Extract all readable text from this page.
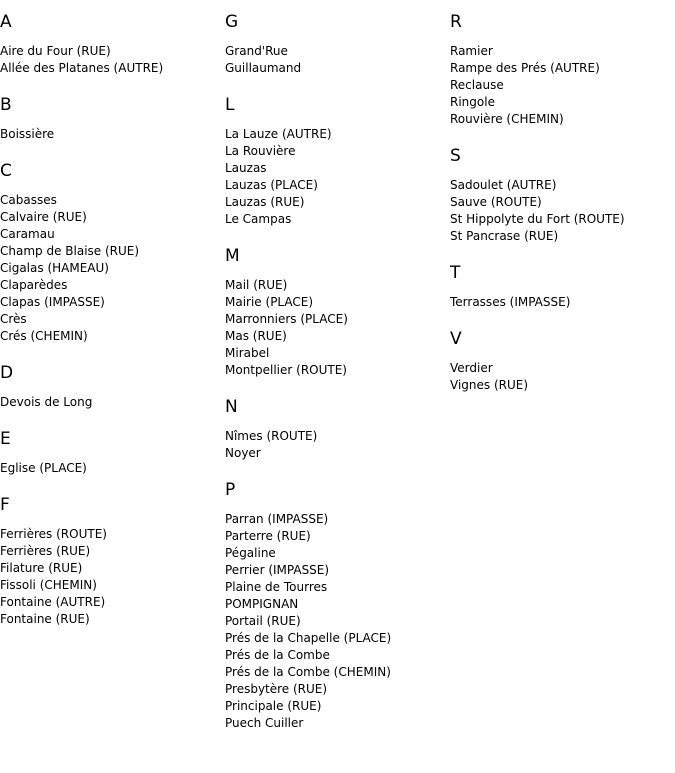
A
Aire du Four (RUE)
Allée des Platanes (AUTRE)
B
Boissière
C
Cabasses
Calvaire (RUE)
Caramau
Champ de Blaise (RUE)
Cigalas (HAMEAU)
Claparèdes
Clapas (IMPASSE)
Crès
Crés (CHEMIN)
D
Devois de Long
E
Eglise (PLACE)
F
Ferrières (ROUTE)
Ferrières (RUE)
Filature (RUE)
Fissoli (CHEMIN)
Fontaine (AUTRE)
Fontaine (RUE)
G
Grand'Rue
Guillaumand
L
La Lauze (AUTRE)
La Rouvière
Lauzas
Lauzas (PLACE)
Lauzas (RUE)
Le Campas
M
Mail (RUE)
Mairie (PLACE)
Marronniers (PLACE)
Mas (RUE)
Mirabel
Montpellier (ROUTE)
N
Nîmes (ROUTE)
Noyer
P
Parran (IMPASSE)
Parterre (RUE)
Pégaline
Perrier (IMPASSE)
Plaine de Tourres
POMPIGNAN
Portail (RUE)
Prés de la Chapelle (PLACE)
Prés de la Combe
Prés de la Combe (CHEMIN)
Presbytère (RUE)
Principale (RUE)
Puech Cuiller
R
Ramier
Rampe des Prés (AUTRE)
Reclause
Ringole
Rouvière (CHEMIN)
S
Sadoulet (AUTRE)
Sauve (ROUTE)
St Hippolyte du Fort (ROUTE)
St Pancrase (RUE)
T
Terrasses (IMPASSE)
V
Verdier
Vignes (RUE)
